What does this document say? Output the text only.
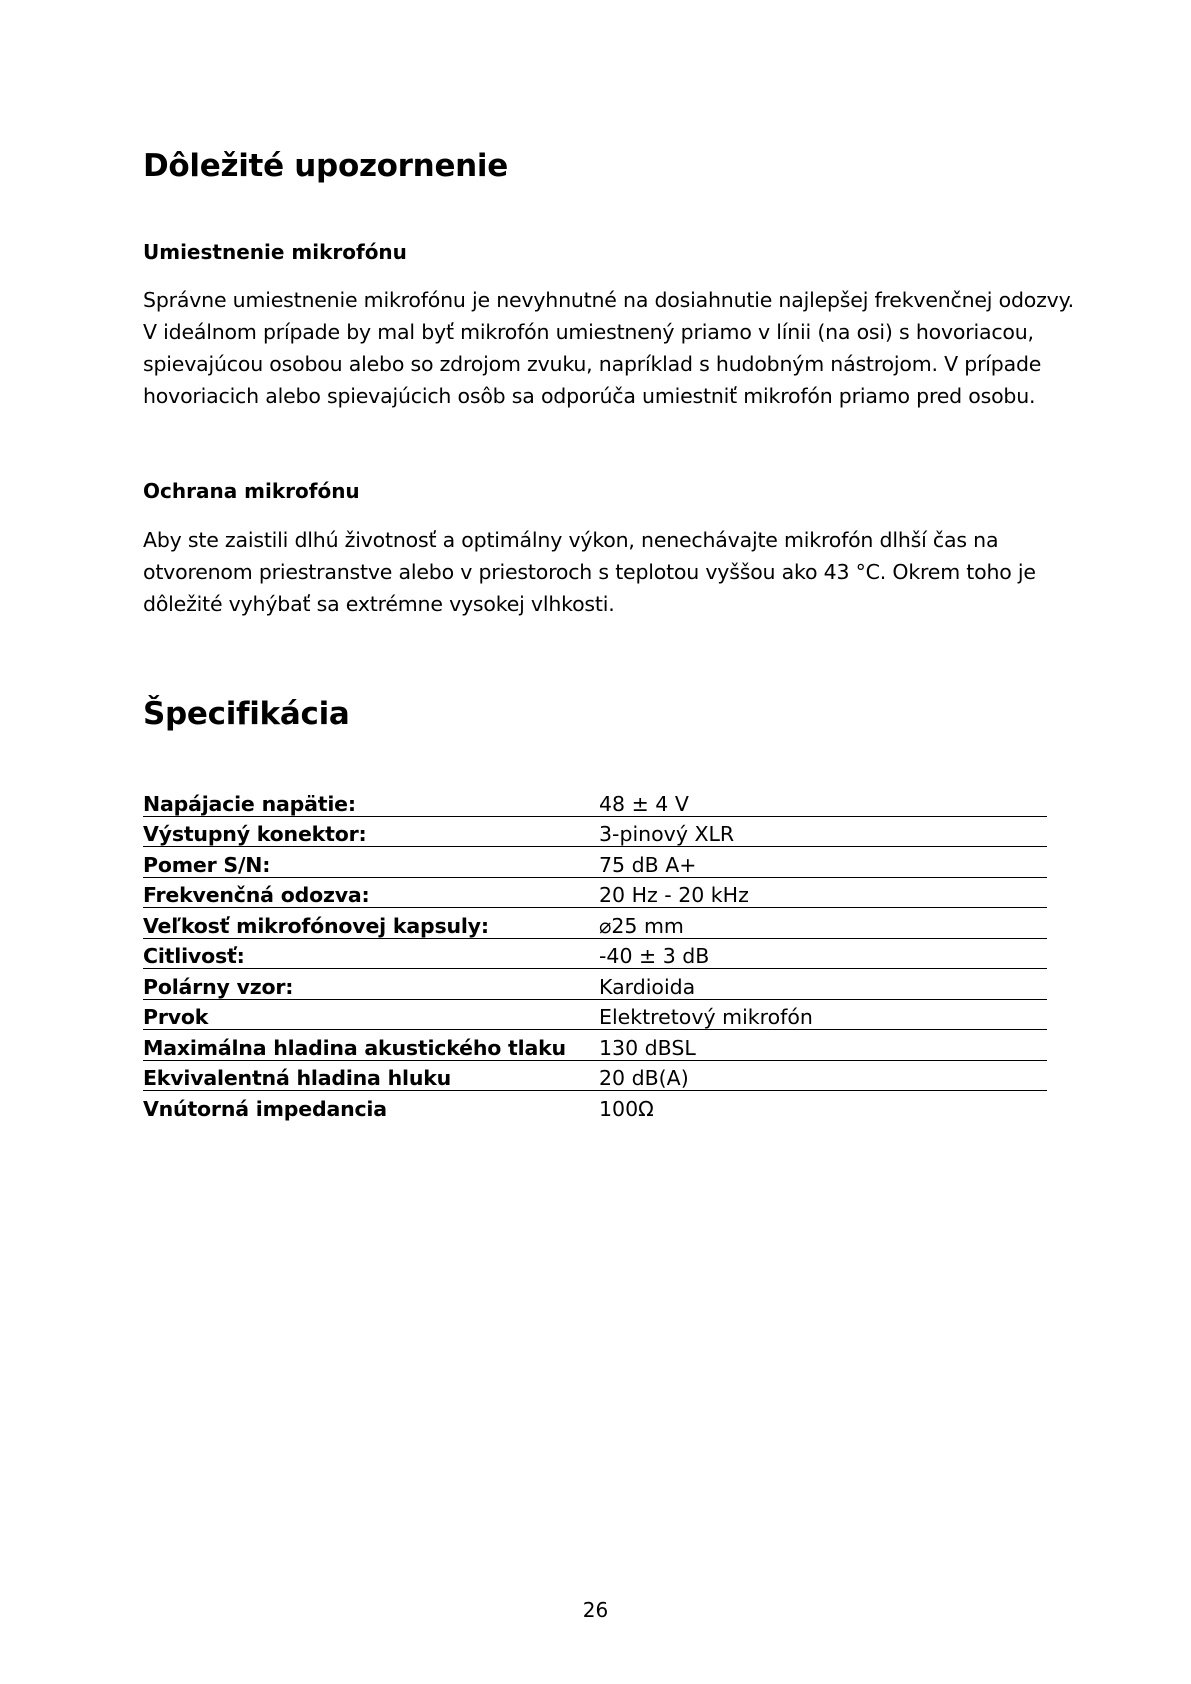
Dôležité upozornenie
Umiestnenie mikrofónu

Správne umiestnenie mikrofónu je nevyhnutné na dosiahnutie najlepšej frekvenčnej odozvy.
V ideálnom prípade by mal byť mikrofón umiestnený priamo v línii (na osi) s hovoriacou,
spievajúcou osobou alebo so zdrojom zvuku, napríklad s hudobným nástrojom. V prípade
hovoriacich alebo spievajúcich osôb sa odporúča umiestniť mikrofón priamo pred osobu.

Ochrana mikrofónu

Aby ste zaistili dlhú životnosť a optimálny výkon, nenechávajte mikrofón dlhší čas na
otvorenom priestranstve alebo v priestoroch s teplotou vyššou ako 43 °C. Okrem toho je
dôležité vyhýbať sa extrémne vysokej vlhkosti.

Špecifikácia
Napájacie napätie:	48 ± 4 V
Výstupný konektor:	3-pinový XLR
Pomer S/N:	75 dB A+
Frekvenčná odozva:	20 Hz - 20 kHz
Veľkosť mikrofónovej kapsuly:	⌀25 mm
Citlivosť:	-40 ± 3 dB
Polárny vzor:	Kardioida
Prvok	Elektretový mikrofón
Maximálna hladina akustického tlaku	130 dBSL
Ekvivalentná hladina hluku	20 dB(A)
Vnútorná impedancia	100Ω
26
